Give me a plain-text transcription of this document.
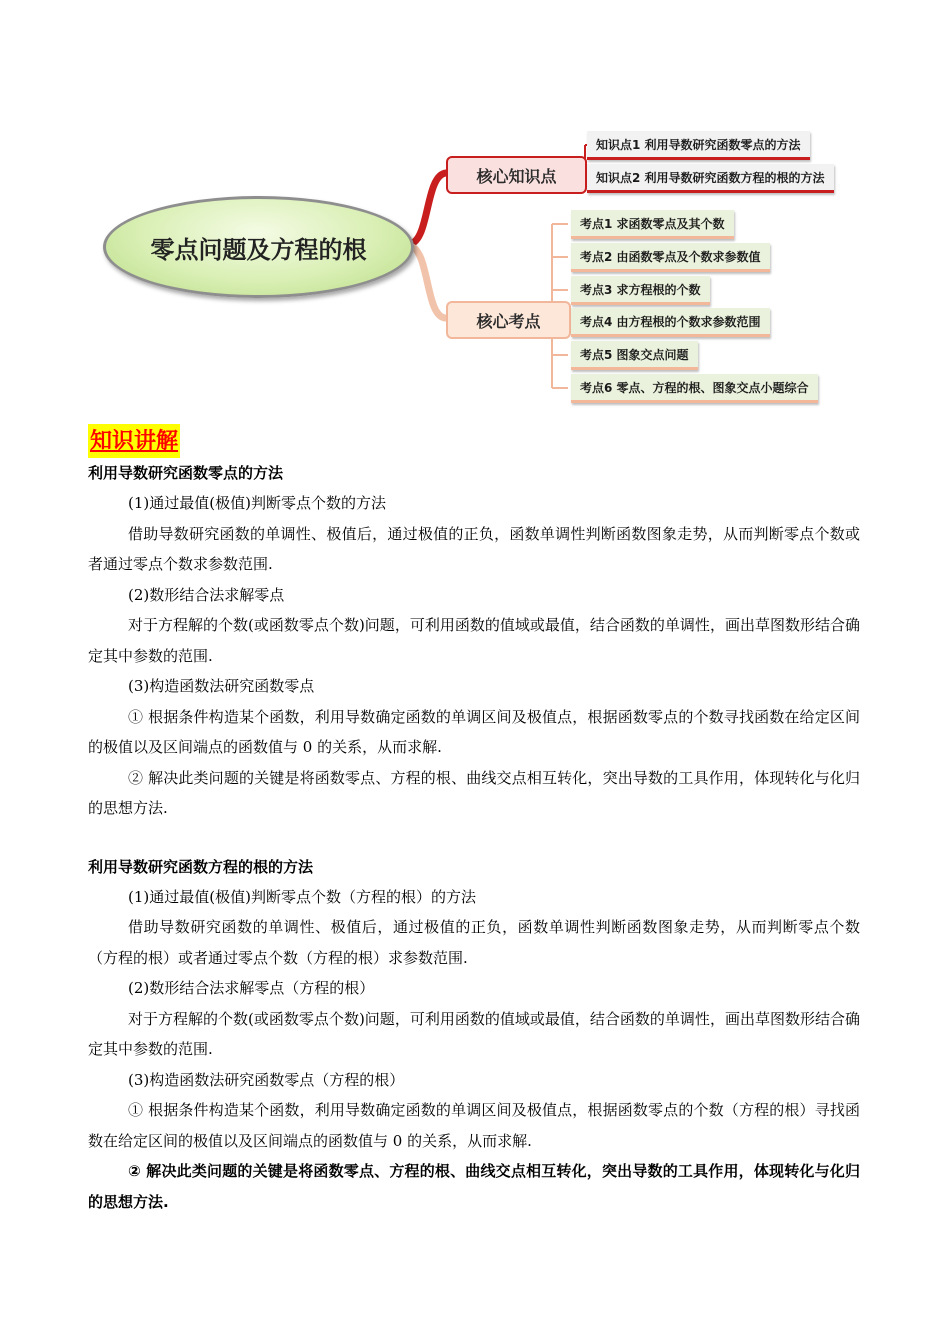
零点问题及方程的根
核心知识点
核心考点
知识点1 利用导数研究函数零点的方法
知识点2 利用导数研究函数方程的根的方法
考点1 求函数零点及其个数
考点2 由函数零点及个数求参数值
考点3 求方程根的个数
考点4 由方程根的个数求参数范围
考点5 图象交点问题
考点6 零点、方程的根、图象交点小题综合
知识讲解

利用导数研究函数零点的方法

(1)通过最值(极值)判断零点个数的方法

借助导数研究函数的单调性、极值后，通过极值的正负，函数单调性判断函数图象走势，从而判断零点个数或者通过零点个数求参数范围.

(2)数形结合法求解零点

对于方程解的个数(或函数零点个数)问题，可利用函数的值域或最值，结合函数的单调性，画出草图数形结合确定其中参数的范围.

(3)构造函数法研究函数零点

① 根据条件构造某个函数，利用导数确定函数的单调区间及极值点，根据函数零点的个数寻找函数在给定区间的极值以及区间端点的函数值与 0 的关系，从而求解.

② 解决此类问题的关键是将函数零点、方程的根、曲线交点相互转化，突出导数的工具作用，体现转化与化归的思想方法.

利用导数研究函数方程的根的方法

(1)通过最值(极值)判断零点个数（方程的根）的方法

借助导数研究函数的单调性、极值后，通过极值的正负，函数单调性判断函数图象走势，从而判断零点个数（方程的根）或者通过零点个数（方程的根）求参数范围.

(2)数形结合法求解零点（方程的根）

对于方程解的个数(或函数零点个数)问题，可利用函数的值域或最值，结合函数的单调性，画出草图数形结合确定其中参数的范围.

(3)构造函数法研究函数零点（方程的根）

① 根据条件构造某个函数，利用导数确定函数的单调区间及极值点，根据函数零点的个数（方程的根）寻找函数在给定区间的极值以及区间端点的函数值与 0 的关系，从而求解.

② 解决此类问题的关键是将函数零点、方程的根、曲线交点相互转化，突出导数的工具作用，体现转化与化归的思想方法.
